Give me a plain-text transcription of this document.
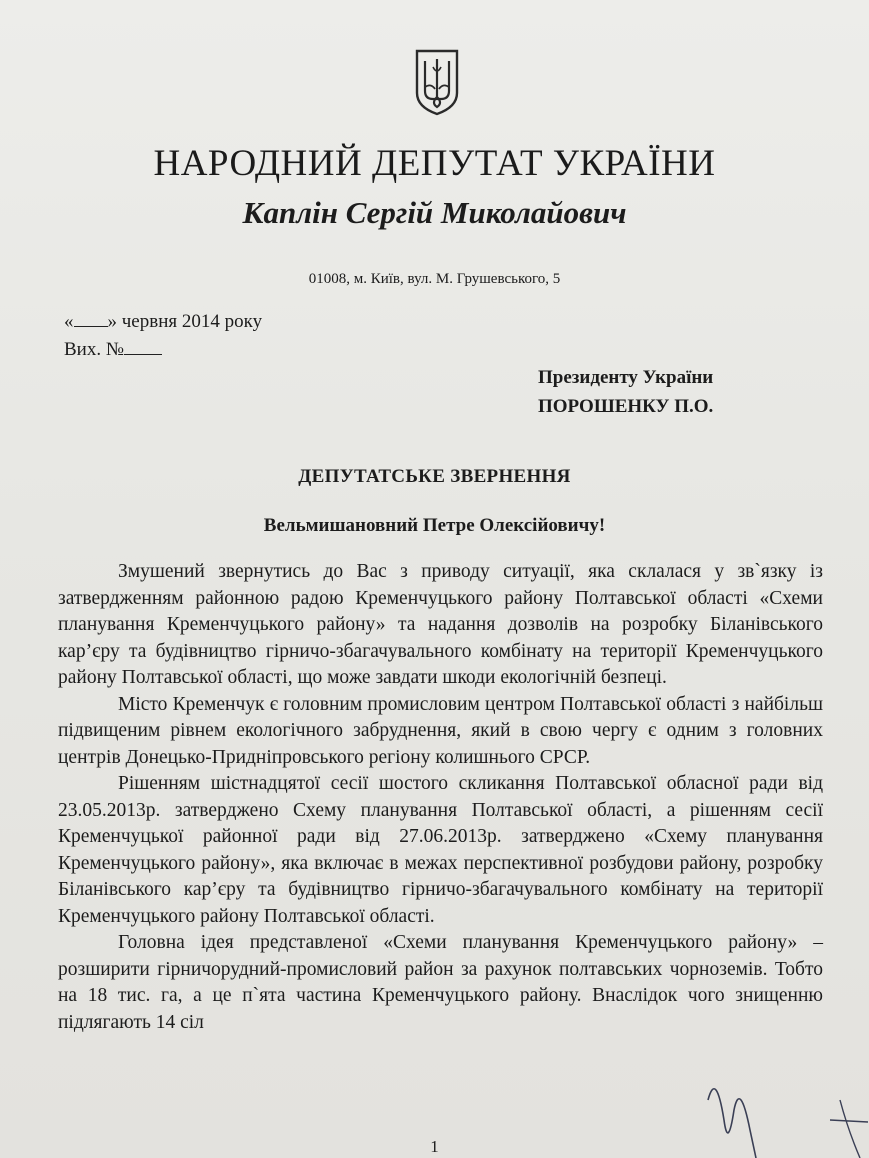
НАРОДНИЙ ДЕПУТАТ УКРАЇНИ
Каплін Сергій Миколайович
01008, м. Київ, вул. М. Грушевського, 5
« » червня 2014 року
Вих. №
Президенту України
ПОРОШЕНКУ П.О.
ДЕПУТАТСЬКЕ ЗВЕРНЕННЯ
Вельмишановний Петре Олексійовичу!

Змушений звернутись до Вас з приводу ситуації, яка склалася у зв`язку із затвердженням районною радою Кременчуцького району Полтавської області «Схеми планування Кременчуцького району» та надання дозволів на розробку Біланівського кар’єру та будівництво гірничо-збагачувального комбінату на території Кременчуцького району Полтавської області, що може завдати шкоди екологічній безпеці.

Місто Кременчук є головним промисловим центром Полтавської області з найбільш підвищеним рівнем екологічного забруднення, який в свою чергу є одним з головних центрів Донецько-Придніпровського регіону колишнього СРСР.

Рішенням шістнадцятої сесії шостого скликання Полтавської обласної ради від 23.05.2013р. затверджено Схему планування Полтавської області, а рішенням сесії Кременчуцької районної ради від 27.06.2013р. затверджено «Схему планування Кременчуцького району», яка включає в межах перспективної розбудови району, розробку Біланівського кар’єру та будівництво гірничо-збагачувального комбінату на території Кременчуцького району Полтавської області.

Головна ідея представленої «Схеми планування Кременчуцького району» – розширити гірничорудний-промисловий район за рахунок полтавських чорноземів. Тобто на 18 тис. га, а це п`ята частина Кременчуцького району. Внаслідок чого знищенню підлягають 14 сіл

1
